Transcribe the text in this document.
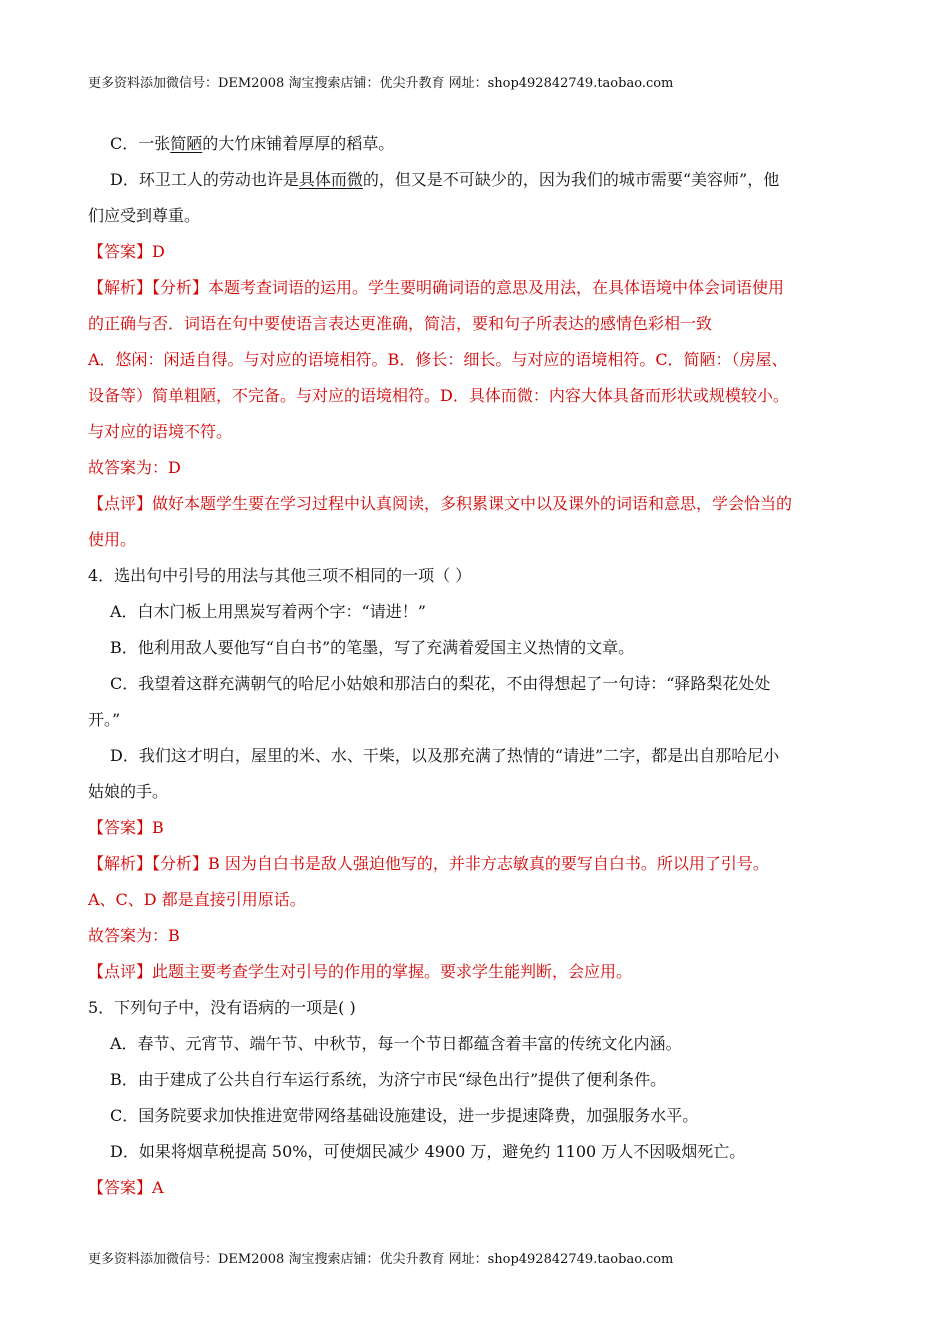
更多资料添加微信号：DEM2008 淘宝搜索店铺：优尖升教育 网址：shop492842749.taobao.com
C．一张简陋的大竹床铺着厚厚的稻草。
D．环卫工人的劳动也许是具体而微的，但又是不可缺少的，因为我们的城市需要“美容师”，他
们应受到尊重。
【答案】D
【解析】【分析】本题考查词语的运用。学生要明确词语的意思及用法，在具体语境中体会词语使用
的正确与否．词语在句中要使语言表达更准确，简洁，要和句子所表达的感情色彩相一致
A．悠闲：闲适自得。与对应的语境相符。B．修长：细长。与对应的语境相符。C．简陋：（房屋、
设备等）简单粗陋，不完备。与对应的语境相符。D．具体而微：内容大体具备而形状或规模较小。
与对应的语境不符。
故答案为：D
【点评】做好本题学生要在学习过程中认真阅读，多积累课文中以及课外的词语和意思，学会恰当的
使用。
4．选出句中引号的用法与其他三项不相同的一项（ ）
A．白木门板上用黑炭写着两个字：“请进！”
B．他利用敌人要他写“自白书”的笔墨，写了充满着爱国主义热情的文章。
C．我望着这群充满朝气的哈尼小姑娘和那洁白的梨花，不由得想起了一句诗：“驿路梨花处处
开。”
D．我们这才明白，屋里的米、水、干柴，以及那充满了热情的“请进”二字，都是出自那哈尼小
姑娘的手。
【答案】B
【解析】【分析】B 因为自白书是敌人强迫他写的，并非方志敏真的要写自白书。所以用了引号。
A、C、D 都是直接引用原话。
故答案为：B
【点评】此题主要考查学生对引号的作用的掌握。要求学生能判断，会应用。
5．下列句子中，没有语病的一项是( )
A．春节、元宵节、端午节、中秋节，每一个节日都蕴含着丰富的传统文化内涵。
B．由于建成了公共自行车运行系统，为济宁市民“绿色出行”提供了便利条件。
C．国务院要求加快推进宽带网络基础设施建设，进一步提速降费，加强服务水平。
D．如果将烟草税提高 50%，可使烟民减少 4900 万，避免约 1100 万人不因吸烟死亡。
【答案】A
更多资料添加微信号：DEM2008 淘宝搜索店铺：优尖升教育 网址：shop492842749.taobao.com
